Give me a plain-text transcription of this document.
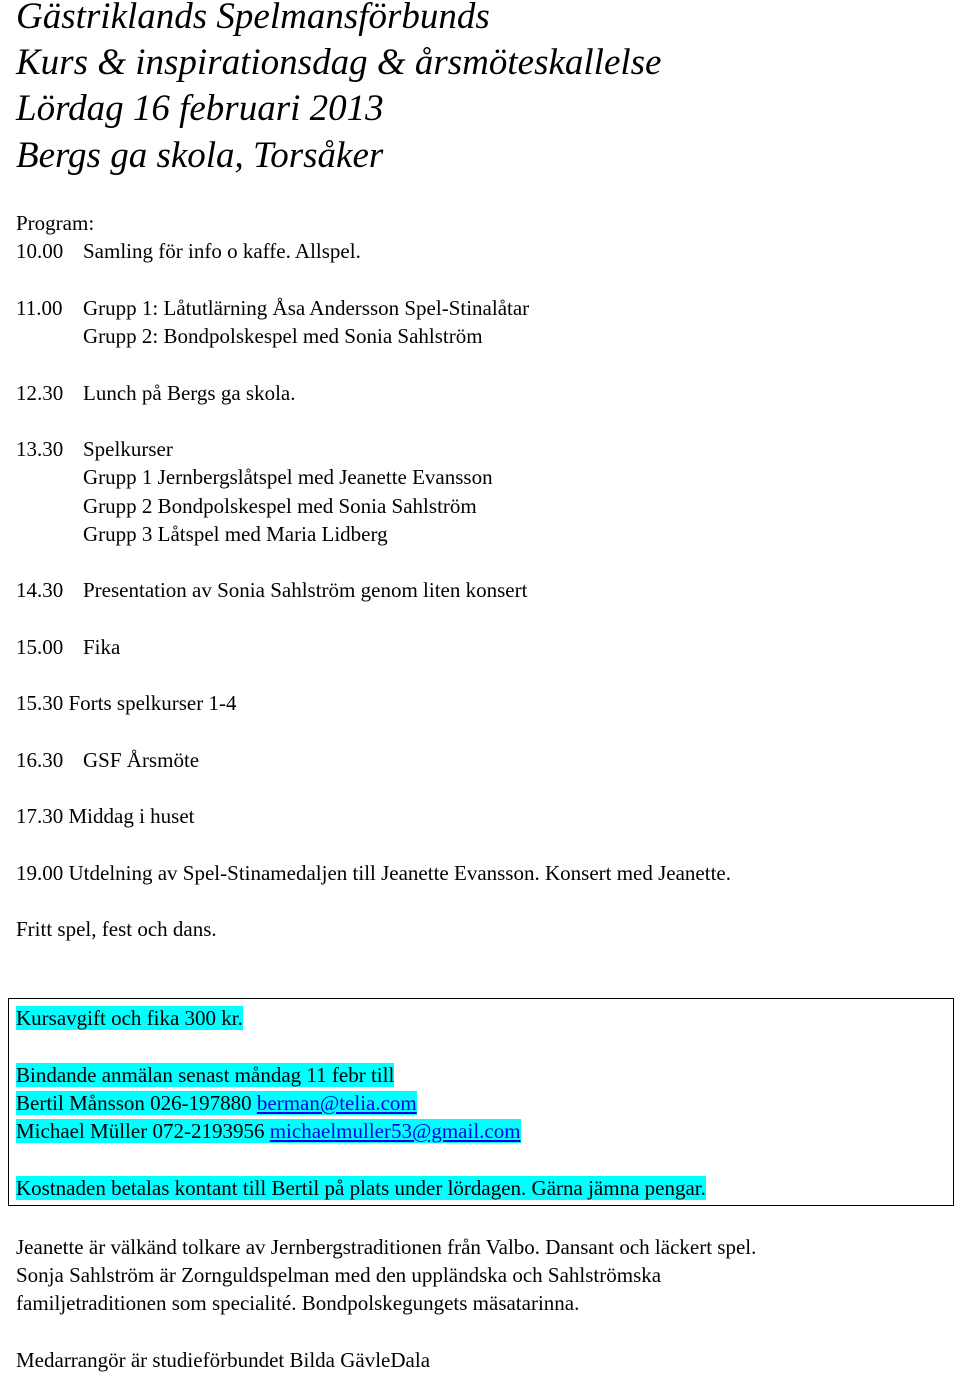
Gästriklands Spelmansförbunds
Kurs & inspirationsdag & årsmöteskallelse
Lördag 16 februari 2013
Bergs ga skola, Torsåker

Program:

10.00 Samling för info o kaffe. Allspel.

11.00 Grupp 1: Låtutlärning Åsa Andersson Spel-Stinalåtar

Grupp 2: Bondpolskespel med Sonia Sahlström

12.30 Lunch på Bergs ga skola.

13.30 Spelkurser

Grupp 1 Jernbergslåtspel med Jeanette Evansson

Grupp 2 Bondpolskespel med Sonia Sahlström

Grupp 3 Låtspel med Maria Lidberg

14.30 Presentation av Sonia Sahlström genom liten konsert

15.00 Fika

15.30 Forts spelkurser 1-4

16.30 GSF Årsmöte

17.30 Middag i huset

19.00 Utdelning av Spel-Stinamedaljen till Jeanette Evansson. Konsert med Jeanette.

Fritt spel, fest och dans.

Kursavgift och fika 300 kr.

Bindande anmälan senast måndag 11 febr till

Bertil Månsson 026-197880 berman@telia.com

Michael Müller 072-2193956 michaelmuller53@gmail.com

Kostnaden betalas kontant till Bertil på plats under lördagen. Gärna jämna pengar.

Jeanette är välkänd tolkare av Jernbergstraditionen från Valbo. Dansant och läckert spel.

Sonja Sahlström är Zornguldspelman med den uppländska och Sahlströmska

familjetraditionen som specialité. Bondpolskegungets mäsatarinna.

Medarrangör är studieförbundet Bilda GävleDala
